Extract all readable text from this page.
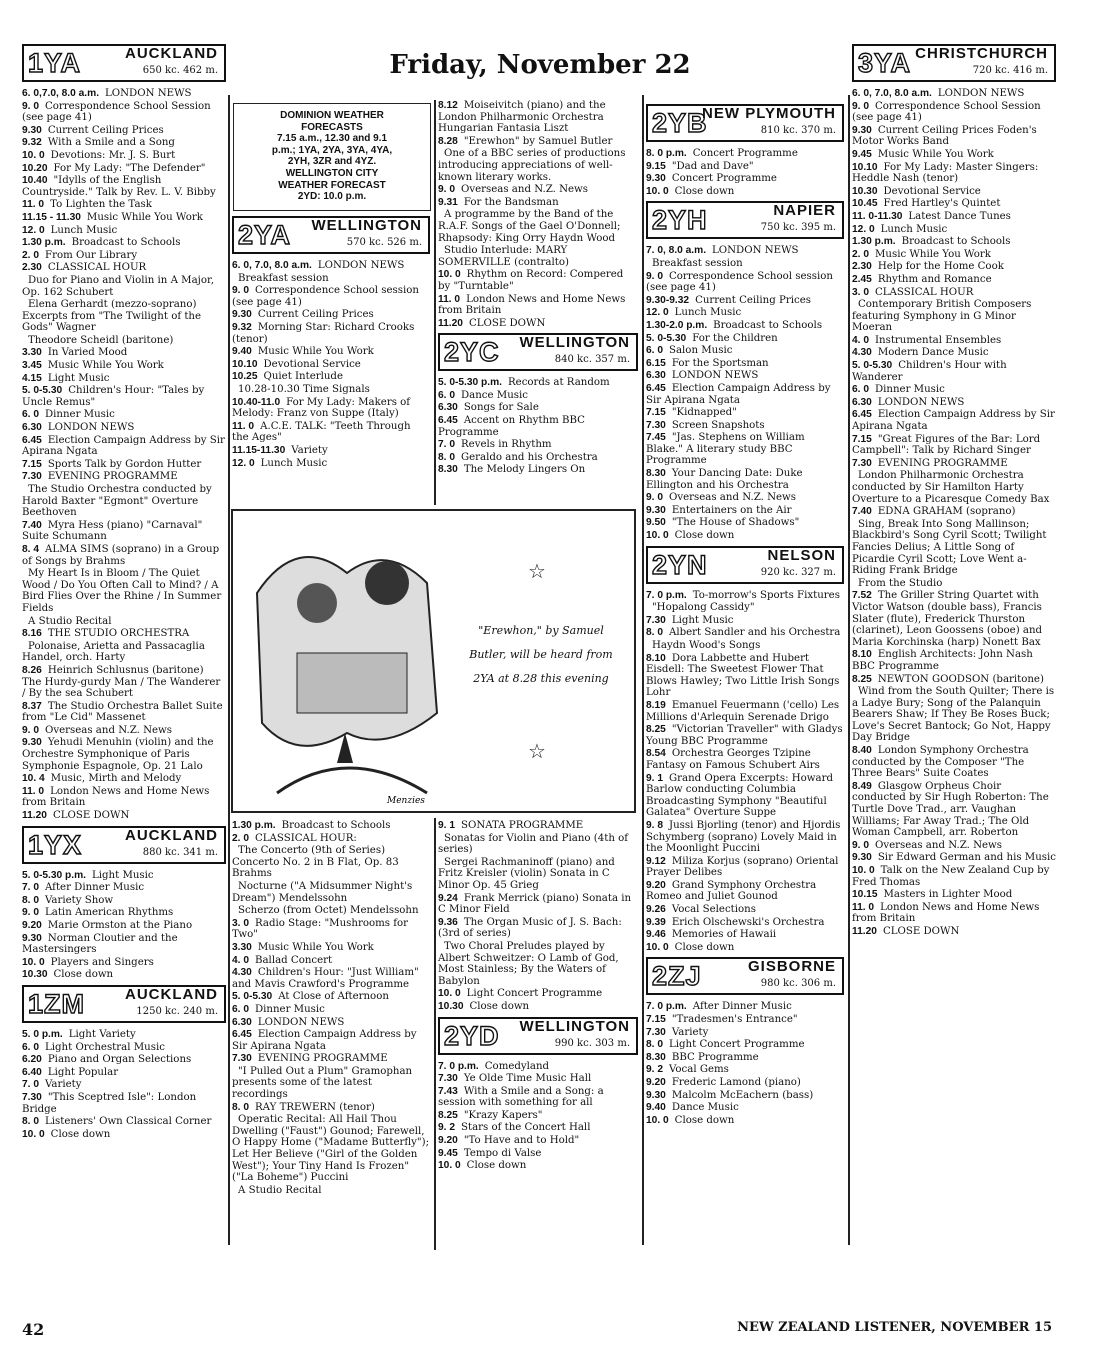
Friday, November 22
1YA	AUCKLAND
650 kc. 462 m.
6. 0,7.0, 8.0 a.m. LONDON NEWS
9. 0 Correspondence School Session (see page 41)
9.30 Current Ceiling Prices
9.32 With a Smile and a Song
10. 0 Devotions: Mr. J. S. Burt
10.20 For My Lady: "The Defender"
10.40 "Idylls of the English Countryside." Talk by Rev. L. V. Bibby
11. 0 To Lighten the Task
11.15 - 11.30 Music While You Work
12. 0 Lunch Music
1.30 p.m. Broadcast to Schools
2. 0 From Our Library
2.30 CLASSICAL HOUR
Duo for Piano and Violin in A Major, Op. 162 Schubert
Elena Gerhardt (mezzo-soprano) Excerpts from "The Twilight of the Gods" Wagner
Theodore Scheidl (baritone)
3.30 In Varied Mood
3.45 Music While You Work
4.15 Light Music
5. 0-5.30 Children's Hour: "Tales by Uncle Remus"
6. 0 Dinner Music
6.30 LONDON NEWS
6.45 Election Campaign Address by Sir Apirana Ngata
7.15 Sports Talk by Gordon Hutter
7.30 EVENING PROGRAMME
The Studio Orchestra conducted by Harold Baxter "Egmont" Overture Beethoven
7.40 Myra Hess (piano) "Carnaval" Suite Schumann
8. 4 ALMA SIMS (soprano) in a Group of Songs by Brahms
My Heart Is in Bloom / The Quiet Wood / Do You Often Call to Mind? / A Bird Flies Over the Rhine / In Summer Fields
A Studio Recital
8.16 THE STUDIO ORCHESTRA
Polonaise, Arietta and Passacaglia Handel, orch. Harty
8.26 Heinrich Schlusnus (baritone) The Hurdy-gurdy Man / The Wanderer / By the sea Schubert
8.37 The Studio Orchestra Ballet Suite from "Le Cid" Massenet
9. 0 Overseas and N.Z. News
9.30 Yehudi Menuhin (violin) and the Orchestre Symphonique of Paris Symphonie Espagnole, Op. 21 Lalo
10. 4 Music, Mirth and Melody
11. 0 London News and Home News from Britain
11.20 CLOSE DOWN
1YX	AUCKLAND
880 kc. 341 m.
5. 0-5.30 p.m. Light Music
7. 0 After Dinner Music
8. 0 Variety Show
9. 0 Latin American Rhythms
9.20 Marie Ormston at the Piano
9.30 Norman Cloutier and the Mastersingers
10. 0 Players and Singers
10.30 Close down
1ZM	AUCKLAND
1250 kc. 240 m.
5. 0 p.m. Light Variety
6. 0 Light Orchestral Music
6.20 Piano and Organ Selections
6.40 Light Popular
7. 0 Variety
7.30 "This Sceptred Isle": London Bridge
8. 0 Listeners' Own Classical Corner
10. 0 Close down
DOMINION WEATHER
FORECASTS
7.15 a.m., 12.30 and 9.1
p.m.; 1YA, 2YA, 3YA, 4YA,
2YH, 3ZR and 4YZ.
WELLINGTON CITY
WEATHER FORECAST
2YD: 10.0 p.m.
2YA WELLINGTON
570 kc. 526 m.
6. 0, 7.0, 8.0 a.m. LONDON NEWS
Breakfast session
9. 0 Correspondence School session (see page 41)
9.30 Current Ceiling Prices
9.32 Morning Star: Richard Crooks (tenor)
9.40 Music While You Work
10.10 Devotional Service
10.25 Quiet Interlude
10.28-10.30 Time Signals
10.40-11.0 For My Lady: Makers of Melody: Franz von Suppe (Italy)
11. 0 A.C.E. TALK: "Teeth Through the Ages"
11.15-11.30 Variety
12. 0 Lunch Music
8.12 Moiseivitch (piano) and the London Philharmonic Orchestra Hungarian Fantasia Liszt
8.28 "Erewhon" by Samuel Butler
One of a BBC series of productions introducing appreciations of well-known literary works.
9. 0 Overseas and N.Z. News
9.31 For the Bandsman
A programme by the Band of the R.A.F. Songs of the Gael O'Donnell; Rhapsody: King Orry Haydn Wood
Studio Interlude: MARY SOMERVILLE (contralto)
10. 0 Rhythm on Record: Compered by "Turntable"
11. 0 London News and Home News from Britain
11.20 CLOSE DOWN
2YC WELLINGTON
840 kc. 357 m.
5. 0-5.30 p.m. Records at Random
6. 0 Dance Music
6.30 Songs for Sale
6.45 Accent on Rhythm BBC Programme
7. 0 Revels in Rhythm
8. 0 Geraldo and his Orchestra
8.30 The Melody Lingers On
Menzies
☆
"Erewhon," by Samuel Butler, will be heard from 2YA at 8.28 this evening
☆
1.30 p.m. Broadcast to Schools
2. 0 CLASSICAL HOUR:
The Concerto (9th of Series) Concerto No. 2 in B Flat, Op. 83 Brahms
Nocturne ("A Midsummer Night's Dream") Mendelssohn
Scherzo (from Octet) Mendelssohn
3. 0 Radio Stage: "Mushrooms for Two"
3.30 Music While You Work
4. 0 Ballad Concert
4.30 Children's Hour: "Just William" and Mavis Crawford's Programme
5. 0-5.30 At Close of Afternoon
6. 0 Dinner Music
6.30 LONDON NEWS
6.45 Election Campaign Address by Sir Apirana Ngata
7.30 EVENING PROGRAMME
"I Pulled Out a Plum" Gramophan presents some of the latest recordings
8. 0 RAY TREWERN (tenor)
Operatic Recital: All Hail Thou Dwelling ("Faust") Gounod; Farewell, O Happy Home ("Madame Butterfly"); Let Her Believe ("Girl of the Golden West"); Your Tiny Hand Is Frozen" ("La Boheme") Puccini
A Studio Recital
9. 1 SONATA PROGRAMME
Sonatas for Violin and Piano (4th of series)
Sergei Rachmaninoff (piano) and Fritz Kreisler (violin) Sonata in C Minor Op. 45 Grieg
9.24 Frank Merrick (piano) Sonata in C Minor Field
9.36 The Organ Music of J. S. Bach: (3rd of series)
Two Choral Preludes played by Albert Schweitzer: O Lamb of God, Most Stainless; By the Waters of Babylon
10. 0 Light Concert Programme
10.30 Close down
2YD WELLINGTON
990 kc. 303 m.
7. 0 p.m. Comedyland
7.30 Ye Olde Time Music Hall
7.43 With a Smile and a Song: a session with something for all
8.25 "Krazy Kapers"
9. 2 Stars of the Concert Hall
9.20 "To Have and to Hold"
9.45 Tempo di Valse
10. 0 Close down
2YB
NEW PLYMOUTH
810 kc. 370 m.
8. 0 p.m. Concert Programme
9.15 "Dad and Dave"
9.30 Concert Programme
10. 0 Close down
2YH	NAPIER
750 kc. 395 m.
7. 0, 8.0 a.m. LONDON NEWS
Breakfast session
9. 0 Correspondence School session (see page 41)
9.30-9.32 Current Ceiling Prices
12. 0 Lunch Music
1.30-2.0 p.m. Broadcast to Schools
5. 0-5.30 For the Children
6. 0 Salon Music
6.15 For the Sportsman
6.30 LONDON NEWS
6.45 Election Campaign Address by Sir Apirana Ngata
7.15 "Kidnapped"
7.30 Screen Snapshots
7.45 "Jas. Stephens on William Blake." A literary study BBC Programme
8.30 Your Dancing Date: Duke Ellington and his Orchestra
9. 0 Overseas and N.Z. News
9.30 Entertainers on the Air
9.50 "The House of Shadows"
10. 0 Close down
2YN	NELSON
920 kc. 327 m.
7. 0 p.m. To-morrow's Sports Fixtures
"Hopalong Cassidy"
7.30 Light Music
8. 0 Albert Sandler and his Orchestra
Haydn Wood's Songs
8.10 Dora Labbette and Hubert Eisdell: The Sweetest Flower That Blows Hawley; Two Little Irish Songs Lohr
8.19 Emanuel Feuermann ('cello) Les Millions d'Arlequin Serenade Drigo
8.25 "Victorian Traveller" with Gladys Young BBC Programme
8.54 Orchestra Georges Tzipine Fantasy on Famous Schubert Airs
9. 1 Grand Opera Excerpts: Howard Barlow conducting Columbia Broadcasting Symphony "Beautiful Galatea" Overture Suppe
9. 8 Jussi Bjorling (tenor) and Hjordis Schymberg (soprano) Lovely Maid in the Moonlight Puccini
9.12 Miliza Korjus (soprano) Oriental Prayer Delibes
9.20 Grand Symphony Orchestra Romeo and Juliet Gounod
9.26 Vocal Selections
9.39 Erich Olschewski's Orchestra
9.46 Memories of Hawaii
10. 0 Close down
2ZJ	GISBORNE
980 kc. 306 m.
7. 0 p.m. After Dinner Music
7.15 "Tradesmen's Entrance"
7.30 Variety
8. 0 Light Concert Programme
8.30 BBC Programme
9. 2 Vocal Gems
9.20 Frederic Lamond (piano)
9.30 Malcolm McEachern (bass)
9.40 Dance Music
10. 0 Close down
3YA CHRISTCHURCH
720 kc. 416 m.
6. 0, 7.0, 8.0 a.m. LONDON NEWS
9. 0 Correspondence School Session (see page 41)
9.30 Current Ceiling Prices Foden's Motor Works Band
9.45 Music While You Work
10.10 For My Lady: Master Singers: Heddle Nash (tenor)
10.30 Devotional Service
10.45 Fred Hartley's Quintet
11. 0-11.30 Latest Dance Tunes
12. 0 Lunch Music
1.30 p.m. Broadcast to Schools
2. 0 Music While You Work
2.30 Help for the Home Cook
2.45 Rhythm and Romance
3. 0 CLASSICAL HOUR
Contemporary British Composers featuring Symphony in G Minor Moeran
4. 0 Instrumental Ensembles
4.30 Modern Dance Music
5. 0-5.30 Children's Hour with Wanderer
6. 0 Dinner Music
6.30 LONDON NEWS
6.45 Election Campaign Address by Sir Apirana Ngata
7.15 "Great Figures of the Bar: Lord Campbell": Talk by Richard Singer
7.30 EVENING PROGRAMME
London Philharmonic Orchestra conducted by Sir Hamilton Harty Overture to a Picaresque Comedy Bax
7.40 EDNA GRAHAM (soprano)
Sing, Break Into Song Mallinson; Blackbird's Song Cyril Scott; Twilight Fancies Delius; A Little Song of Picardie Cyril Scott; Love Went a-Riding Frank Bridge
From the Studio
7.52 The Griller String Quartet with Victor Watson (double bass), Francis Slater (flute), Frederick Thurston (clarinet), Leon Goossens (oboe) and Maria Korchinska (harp) Nonett Bax
8.10 English Architects: John Nash BBC Programme
8.25 NEWTON GOODSON (baritone)
Wind from the South Quilter; There is a Ladye Bury; Song of the Palanquin Bearers Shaw; If They Be Roses Buck; Love's Secret Bantock; Go Not, Happy Day Bridge
8.40 London Symphony Orchestra conducted by the Composer "The Three Bears" Suite Coates
8.49 Glasgow Orpheus Choir conducted by Sir Hugh Roberton: The Turtle Dove Trad., arr. Vaughan Williams; Far Away Trad.; The Old Woman Campbell, arr. Roberton
9. 0 Overseas and N.Z. News
9.30 Sir Edward German and his Music
10. 0 Talk on the New Zealand Cup by Fred Thomas
10.15 Masters in Lighter Mood
11. 0 London News and Home News from Britain
11.20 CLOSE DOWN
42	NEW ZEALAND LISTENER, NOVEMBER 15
